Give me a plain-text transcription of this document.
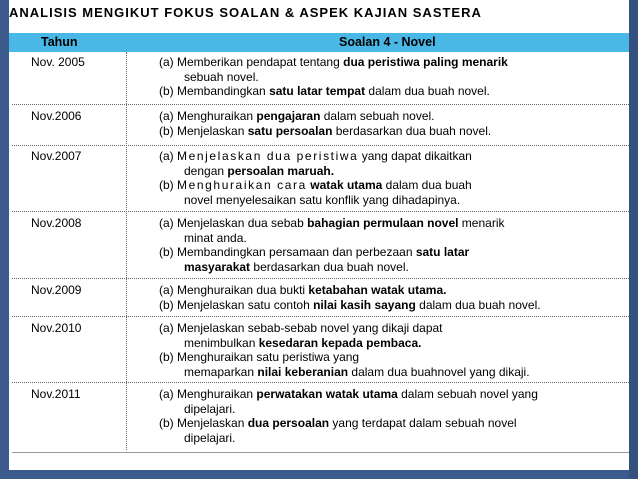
ANALISIS MENGIKUT FOKUS SOALAN & ASPEK KAJIAN SASTERA
Tahun	Soalan 4 - Novel
Nov. 2005	(a) Memberikan pendapat tentang dua peristiwa paling menarik
sebuah novel.
(b) Membandingkan satu latar tempat dalam dua buah novel.
Nov.2006	(a) Menghuraikan pengajaran dalam sebuah novel.
(b) Menjelaskan satu persoalan berdasarkan dua buah novel.
Nov.2007	(a) Menjelaskan dua peristiwa yang dapat dikaitkan
dengan persoalan maruah.
(b) Menghuraikan cara watak utama dalam dua buah
novel menyelesaikan satu konflik yang dihadapinya.
Nov.2008	(a) Menjelaskan dua sebab bahagian permulaan novel menarik
minat anda.
(b) Membandingkan persamaan dan perbezaan satu latar
masyarakat berdasarkan dua buah novel.
Nov.2009	(a) Menghuraikan dua bukti ketabahan watak utama.
(b) Menjelaskan satu contoh nilai kasih sayang dalam dua buah novel.
Nov.2010	(a) Menjelaskan sebab-sebab novel yang dikaji dapat
menimbulkan kesedaran kepada pembaca.
(b) Menghuraikan satu peristiwa yang
memaparkan nilai keberanian dalam dua buahnovel yang dikaji.
Nov.2011	(a) Menghuraikan perwatakan watak utama dalam sebuah novel yang
dipelajari.
(b) Menjelaskan dua persoalan yang terdapat dalam sebuah novel
dipelajari.
